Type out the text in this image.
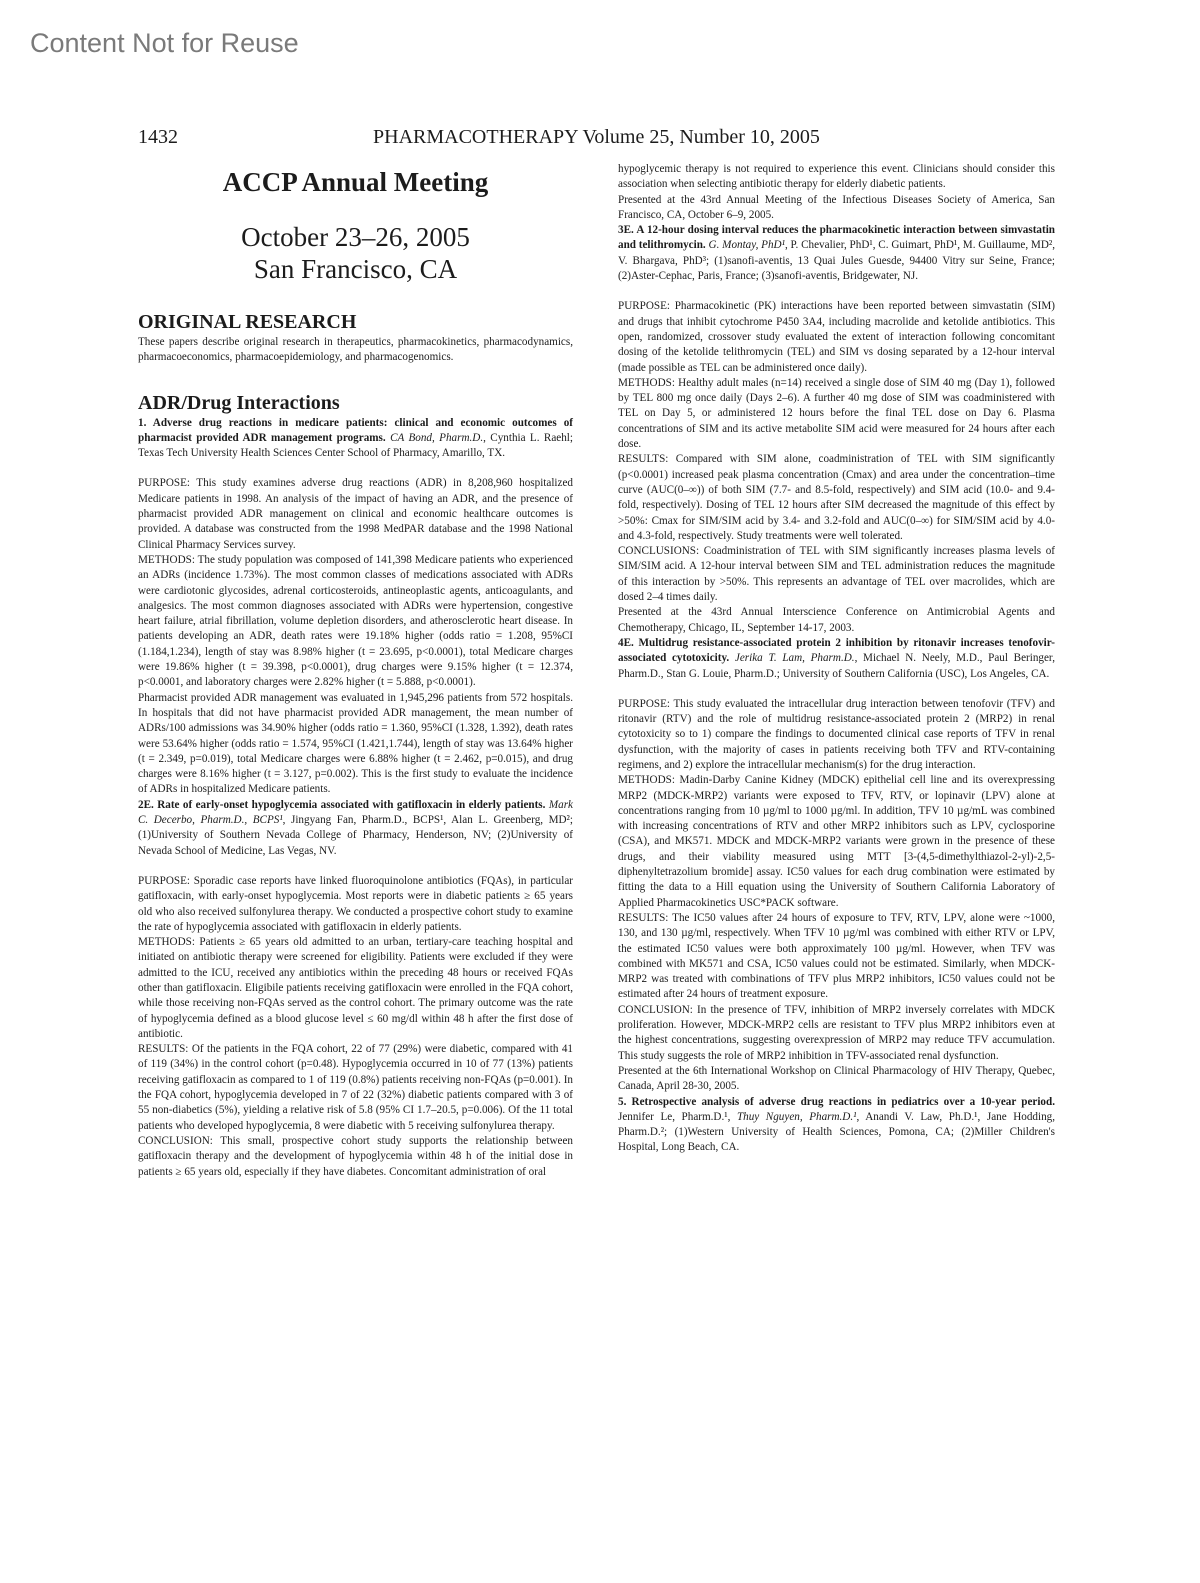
Content Not for Reuse
1432	PHARMACOTHERAPY Volume 25, Number 10, 2005
ACCP Annual Meeting
October 23–26, 2005
San Francisco, CA
ORIGINAL RESEARCH

These papers describe original research in therapeutics, pharmacokinetics, pharmacodynamics, pharmacoeconomics, pharmacoepidemiology, and pharmacogenomics.

ADR/Drug Interactions

1. Adverse drug reactions in medicare patients: clinical and economic outcomes of pharmacist provided ADR management programs. CA Bond, Pharm.D., Cynthia L. Raehl; Texas Tech University Health Sciences Center School of Pharmacy, Amarillo, TX.

PURPOSE: This study examines adverse drug reactions (ADR) in 8,208,960 hospitalized Medicare patients in 1998. An analysis of the impact of having an ADR, and the presence of pharmacist provided ADR management on clinical and economic healthcare outcomes is provided. A database was constructed from the 1998 MedPAR database and the 1998 National Clinical Pharmacy Services survey.

METHODS: The study population was composed of 141,398 Medicare patients who experienced an ADRs (incidence 1.73%). The most common classes of medications associated with ADRs were cardiotonic glycosides, adrenal corticosteroids, antineoplastic agents, anticoagulants, and analgesics. The most common diagnoses associated with ADRs were hypertension, congestive heart failure, atrial fibrillation, volume depletion disorders, and atherosclerotic heart disease. In patients developing an ADR, death rates were 19.18% higher (odds ratio = 1.208, 95%CI (1.184,1.234), length of stay was 8.98% higher (t = 23.695, p<0.0001), total Medicare charges were 19.86% higher (t = 39.398, p<0.0001), drug charges were 9.15% higher (t = 12.374, p<0.0001, and laboratory charges were 2.82% higher (t = 5.888, p<0.0001).

Pharmacist provided ADR management was evaluated in 1,945,296 patients from 572 hospitals. In hospitals that did not have pharmacist provided ADR management, the mean number of ADRs/100 admissions was 34.90% higher (odds ratio = 1.360, 95%CI (1.328, 1.392), death rates were 53.64% higher (odds ratio = 1.574, 95%CI (1.421,1.744), length of stay was 13.64% higher (t = 2.349, p=0.019), total Medicare charges were 6.88% higher (t = 2.462, p=0.015), and drug charges were 8.16% higher (t = 3.127, p=0.002). This is the first study to evaluate the incidence of ADRs in hospitalized Medicare patients.

2E. Rate of early-onset hypoglycemia associated with gatifloxacin in elderly patients. Mark C. Decerbo, Pharm.D., BCPS¹, Jingyang Fan, Pharm.D., BCPS¹, Alan L. Greenberg, MD²; (1)University of Southern Nevada College of Pharmacy, Henderson, NV; (2)University of Nevada School of Medicine, Las Vegas, NV.

PURPOSE: Sporadic case reports have linked fluoroquinolone antibiotics (FQAs), in particular gatifloxacin, with early-onset hypoglycemia. Most reports were in diabetic patients ≥ 65 years old who also received sulfonylurea therapy. We conducted a prospective cohort study to examine the rate of hypoglycemia associated with gatifloxacin in elderly patients.

METHODS: Patients ≥ 65 years old admitted to an urban, tertiary-care teaching hospital and initiated on antibiotic therapy were screened for eligibility. Patients were excluded if they were admitted to the ICU, received any antibiotics within the preceding 48 hours or received FQAs other than gatifloxacin. Eligibile patients receiving gatifloxacin were enrolled in the FQA cohort, while those receiving non-FQAs served as the control cohort. The primary outcome was the rate of hypoglycemia defined as a blood glucose level ≤ 60 mg/dl within 48 h after the first dose of antibiotic.

RESULTS: Of the patients in the FQA cohort, 22 of 77 (29%) were diabetic, compared with 41 of 119 (34%) in the control cohort (p=0.48). Hypoglycemia occurred in 10 of 77 (13%) patients receiving gatifloxacin as compared to 1 of 119 (0.8%) patients receiving non-FQAs (p=0.001). In the FQA cohort, hypoglycemia developed in 7 of 22 (32%) diabetic patients compared with 3 of 55 non-diabetics (5%), yielding a relative risk of 5.8 (95% CI 1.7–20.5, p=0.006). Of the 11 total patients who developed hypoglycemia, 8 were diabetic with 5 receiving sulfonylurea therapy.

CONCLUSION: This small, prospective cohort study supports the relationship between gatifloxacin therapy and the development of hypoglycemia within 48 h of the initial dose in patients ≥ 65 years old, especially if they have diabetes. Concomitant administration of oral

hypoglycemic therapy is not required to experience this event. Clinicians should consider this association when selecting antibiotic therapy for elderly diabetic patients.

Presented at the 43rd Annual Meeting of the Infectious Diseases Society of America, San Francisco, CA, October 6–9, 2005.

3E. A 12-hour dosing interval reduces the pharmacokinetic interaction between simvastatin and telithromycin. G. Montay, PhD¹, P. Chevalier, PhD¹, C. Guimart, PhD¹, M. Guillaume, MD², V. Bhargava, PhD³; (1)sanofi-aventis, 13 Quai Jules Guesde, 94400 Vitry sur Seine, France; (2)Aster-Cephac, Paris, France; (3)sanofi-aventis, Bridgewater, NJ.

PURPOSE: Pharmacokinetic (PK) interactions have been reported between simvastatin (SIM) and drugs that inhibit cytochrome P450 3A4, including macrolide and ketolide antibiotics. This open, randomized, crossover study evaluated the extent of interaction following concomitant dosing of the ketolide telithromycin (TEL) and SIM vs dosing separated by a 12-hour interval (made possible as TEL can be administered once daily).

METHODS: Healthy adult males (n=14) received a single dose of SIM 40 mg (Day 1), followed by TEL 800 mg once daily (Days 2–6). A further 40 mg dose of SIM was coadministered with TEL on Day 5, or administered 12 hours before the final TEL dose on Day 6. Plasma concentrations of SIM and its active metabolite SIM acid were measured for 24 hours after each dose.

RESULTS: Compared with SIM alone, coadministration of TEL with SIM significantly (p<0.0001) increased peak plasma concentration (Cmax) and area under the concentration–time curve (AUC(0–∞)) of both SIM (7.7- and 8.5-fold, respectively) and SIM acid (10.0- and 9.4-fold, respectively). Dosing of TEL 12 hours after SIM decreased the magnitude of this effect by >50%: Cmax for SIM/SIM acid by 3.4- and 3.2-fold and AUC(0–∞) for SIM/SIM acid by 4.0- and 4.3-fold, respectively. Study treatments were well tolerated.

CONCLUSIONS: Coadministration of TEL with SIM significantly increases plasma levels of SIM/SIM acid. A 12-hour interval between SIM and TEL administration reduces the magnitude of this interaction by >50%. This represents an advantage of TEL over macrolides, which are dosed 2–4 times daily.

Presented at the 43rd Annual Interscience Conference on Antimicrobial Agents and Chemotherapy, Chicago, IL, September 14-17, 2003.

4E. Multidrug resistance-associated protein 2 inhibition by ritonavir increases tenofovir-associated cytotoxicity. Jerika T. Lam, Pharm.D., Michael N. Neely, M.D., Paul Beringer, Pharm.D., Stan G. Louie, Pharm.D.; University of Southern California (USC), Los Angeles, CA.

PURPOSE: This study evaluated the intracellular drug interaction between tenofovir (TFV) and ritonavir (RTV) and the role of multidrug resistance-associated protein 2 (MRP2) in renal cytotoxicity so to 1) compare the findings to documented clinical case reports of TFV in renal dysfunction, with the majority of cases in patients receiving both TFV and RTV-containing regimens, and 2) explore the intracellular mechanism(s) for the drug interaction.

METHODS: Madin-Darby Canine Kidney (MDCK) epithelial cell line and its overexpressing MRP2 (MDCK-MRP2) variants were exposed to TFV, RTV, or lopinavir (LPV) alone at concentrations ranging from 10 µg/ml to 1000 µg/ml. In addition, TFV 10 µg/mL was combined with increasing concentrations of RTV and other MRP2 inhibitors such as LPV, cyclosporine (CSA), and MK571. MDCK and MDCK-MRP2 variants were grown in the presence of these drugs, and their viability measured using MTT [3-(4,5-dimethylthiazol-2-yl)-2,5-diphenyltetrazolium bromide] assay. IC50 values for each drug combination were estimated by fitting the data to a Hill equation using the University of Southern California Laboratory of Applied Pharmacokinetics USC*PACK software.

RESULTS: The IC50 values after 24 hours of exposure to TFV, RTV, LPV, alone were ~1000, 130, and 130 µg/ml, respectively. When TFV 10 µg/ml was combined with either RTV or LPV, the estimated IC50 values were both approximately 100 µg/ml. However, when TFV was combined with MK571 and CSA, IC50 values could not be estimated. Similarly, when MDCK-MRP2 was treated with combinations of TFV plus MRP2 inhibitors, IC50 values could not be estimated after 24 hours of treatment exposure.

CONCLUSION: In the presence of TFV, inhibition of MRP2 inversely correlates with MDCK proliferation. However, MDCK-MRP2 cells are resistant to TFV plus MRP2 inhibitors even at the highest concentrations, suggesting overexpression of MRP2 may reduce TFV accumulation. This study suggests the role of MRP2 inhibition in TFV-associated renal dysfunction.

Presented at the 6th International Workshop on Clinical Pharmacology of HIV Therapy, Quebec, Canada, April 28-30, 2005.

5. Retrospective analysis of adverse drug reactions in pediatrics over a 10-year period. Jennifer Le, Pharm.D.¹, Thuy Nguyen, Pharm.D.¹, Anandi V. Law, Ph.D.¹, Jane Hodding, Pharm.D.²; (1)Western University of Health Sciences, Pomona, CA; (2)Miller Children's Hospital, Long Beach, CA.
